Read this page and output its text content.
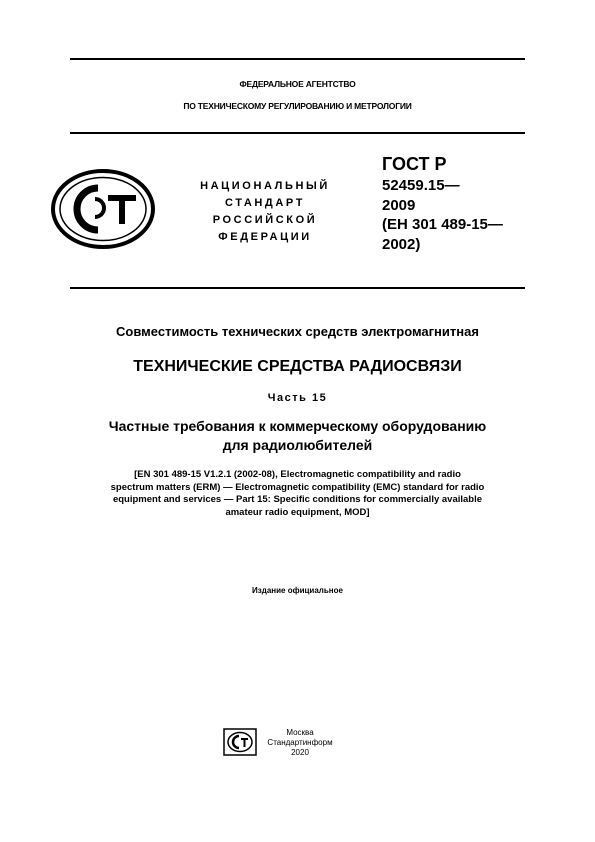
ФЕДЕРАЛЬНОЕ АГЕНТСТВО
ПО ТЕХНИЧЕСКОМУ РЕГУЛИРОВАНИЮ И МЕТРОЛОГИИ
НАЦИОНАЛЬНЫЙ
СТАНДАРТ
РОССИЙСКОЙ
ФЕДЕРАЦИИ
ГОСТ Р
52459.15—
2009
(ЕН 301 489-15—
2002)
Совместимость технических средств электромагнитная
ТЕХНИЧЕСКИЕ СРЕДСТВА РАДИОСВЯЗИ
Часть 15
Частные требования к коммерческому оборудованию
для радиолюбителей
[EN 301 489-15 V1.2.1 (2002-08), Electromagnetic compatibility and radio
spectrum matters (ERM) — Electromagnetic compatibility (EMC) standard for radio
equipment and services — Part 15: Specific conditions for commercially available
amateur radio equipment, MOD]
Издание официальное
Москва
Стандартинформ
2020
